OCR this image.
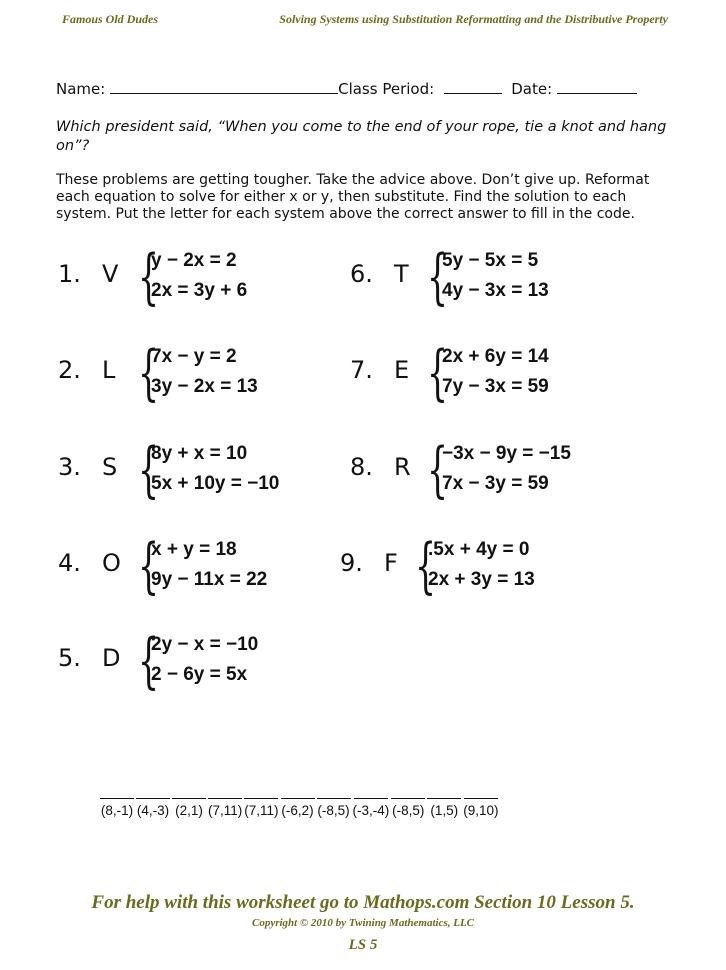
Famous Old Dudes	Solving Systems using Substitution Reformatting and the Distributive Property
Name:	Class Period:	Date:
Which president said, “When you come to the end of your rope, tie a knot and hang on”?
These problems are getting tougher. Take the advice above. Don’t give up. Reformat each equation to solve for either x or y, then substitute. Find the solution to each system. Put the letter for each system above the correct answer to fill in the code.
1. V {
y − 2x = 2
2x = 3y + 6
2. L {
7x − y = 2
3y − 2x = 13
3. S {
8y + x = 10
5x + 10y = −10
4. O {
x + y = 18
9y − 11x = 22
5. D {
2y − x = −10
2 − 6y = 5x
6. T {
5y − 5x = 5
4y − 3x = 13
7. E {
2x + 6y = 14
7y − 3x = 59
8. R {
−3x − 9y = −15
7x − 3y = 59
9. F {
.5x + 4y = 0
2x + 3y = 13
(8,-1) (4,-3) (2,1) (7,11) (7,11) (-6,2) (-8,5) (-3,-4) (-8,5) (1,5) (9,10)
For help with this worksheet go to Mathops.com Section 10 Lesson 5.
Copyright © 2010 by Twining Mathematics, LLC
LS 5
